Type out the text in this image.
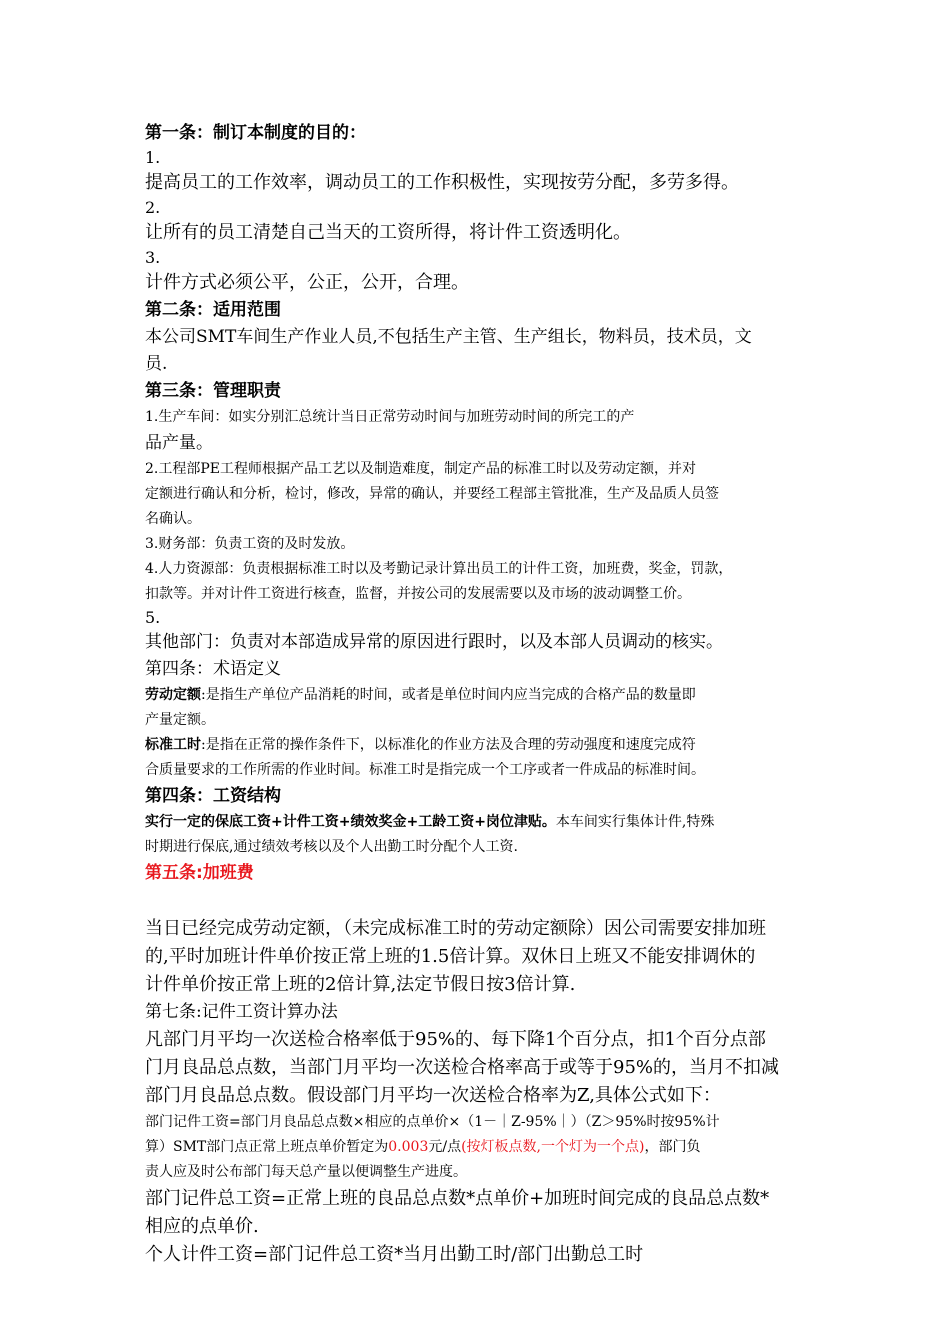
第一条：制订本制度的目的：

1.

提高员工的工作效率，调动员工的工作积极性，实现按劳分配，多劳多得。

2.

让所有的员工清楚自己当天的工资所得，将计件工资透明化。

3.

计件方式必须公平，公正，公开，合理。

第二条：适用范围

本公司SMT车间生产作业人员,不包括生产主管、生产组长，物料员，技术员，文

员.

第三条：管理职责

1.生产车间：如实分别汇总统计当日正常劳动时间与加班劳动时间的所完工的产

品产量。

2.工程部PE工程师根据产品工艺以及制造难度，制定产品的标准工时以及劳动定额，并对

定额进行确认和分析，检讨，修改，异常的确认，并要经工程部主管批准，生产及品质人员签

名确认。

3.财务部：负责工资的及时发放。

4.人力资源部：负责根据标准工时以及考勤记录计算出员工的计件工资，加班费，奖金，罚款，

扣款等。并对计件工资进行核查，监督，并按公司的发展需要以及市场的波动调整工价。

5.

其他部门：负责对本部造成异常的原因进行跟时，以及本部人员调动的核实。

第四条：术语定义

劳动定额:是指生产单位产品消耗的时间，或者是单位时间内应当完成的合格产品的数量即

产量定额。

标准工时:是指在正常的操作条件下，以标准化的作业方法及合理的劳动强度和速度完成符

合质量要求的工作所需的作业时间。标准工时是指完成一个工序或者一件成品的标准时间。

第四条：工资结构

实行一定的保底工资+计件工资+绩效奖金+工龄工资+岗位津贴。本车间实行集体计件,特殊

时期进行保底,通过绩效考核以及个人出勤工时分配个人工资.

第五条:加班费

当日已经完成劳动定额，（未完成标准工时的劳动定额除）因公司需要安排加班

的,平时加班计件单价按正常上班的1.5倍计算。双休日上班又不能安排调休的

计件单价按正常上班的2倍计算,法定节假日按3倍计算.

第七条:记件工资计算办法

凡部门月平均一次送检合格率低于95%的、每下降1个百分点，扣1个百分点部

门月良品总点数，当部门月平均一次送检合格率高于或等于95%的，当月不扣减

部门月良品总点数。假设部门月平均一次送检合格率为Z,具体公式如下：

部门记件工资=部门月良品总点数×相应的点单价×（1－｜Z-95%｜）（Z＞95%时按95%计

算）SMT部门点正常上班点单价暂定为0.003元/点(按灯板点数,一个灯为一个点)，部门负

责人应及时公布部门每天总产量以便调整生产进度。

部门记件总工资=正常上班的良品总点数*点单价+加班时间完成的良品总点数*

相应的点单价.

个人计件工资=部门记件总工资*当月出勤工时/部门出勤总工时
